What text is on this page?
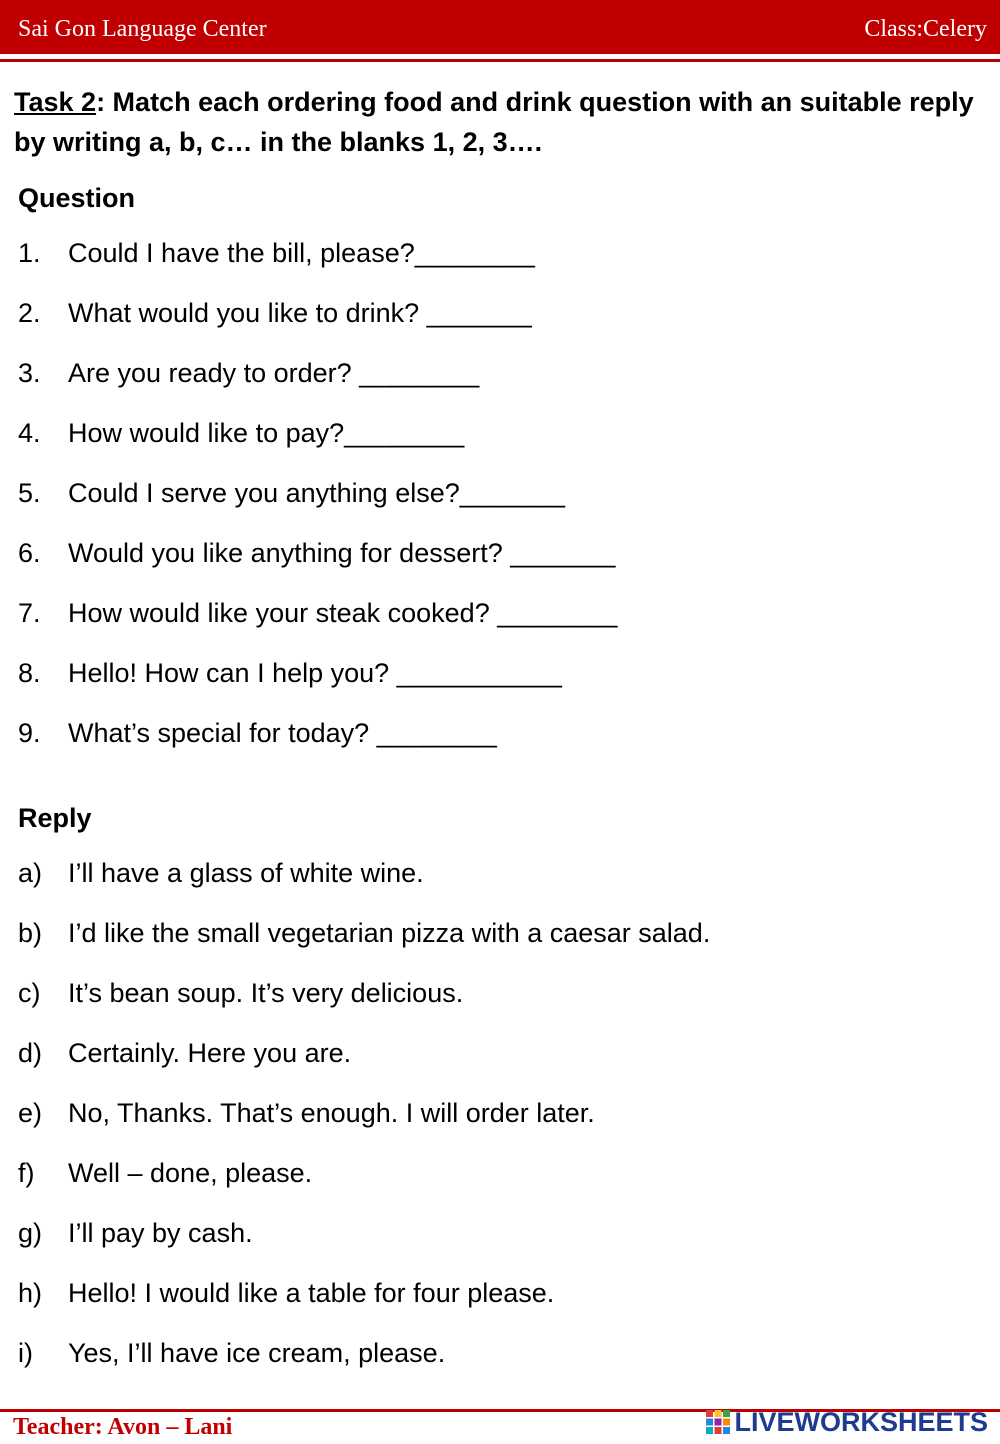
Sai Gon Language Center	Class:Celery
Task 2: Match each ordering food and drink question with an suitable reply by writing a, b, c… in the blanks 1, 2, 3….
Question
1.	Could I have the bill, please?________
2.	What would you like to drink? _______
3.	Are you ready to order? ________
4.	How would like to pay?________
5.	Could I serve you anything else?_______
6.	Would you like anything for dessert? _______
7.	How would like your steak cooked? ________
8.	Hello! How can I help you? ___________
9.	What’s special for today? ________
Reply
a) I’ll have a glass of white wine.
b) I’d like the small vegetarian pizza with a caesar salad.
c)	It’s bean soup. It’s very delicious.
d) Certainly. Here you are.
e) No, Thanks. That’s enough. I will order later.
f)	Well – done, please.
g) I’ll pay by cash.
h) Hello! I would like a table for four please.
i)	Yes, I’ll have ice cream, please.
Teacher: Avon – Lani	LIVEWORKSHEETS
